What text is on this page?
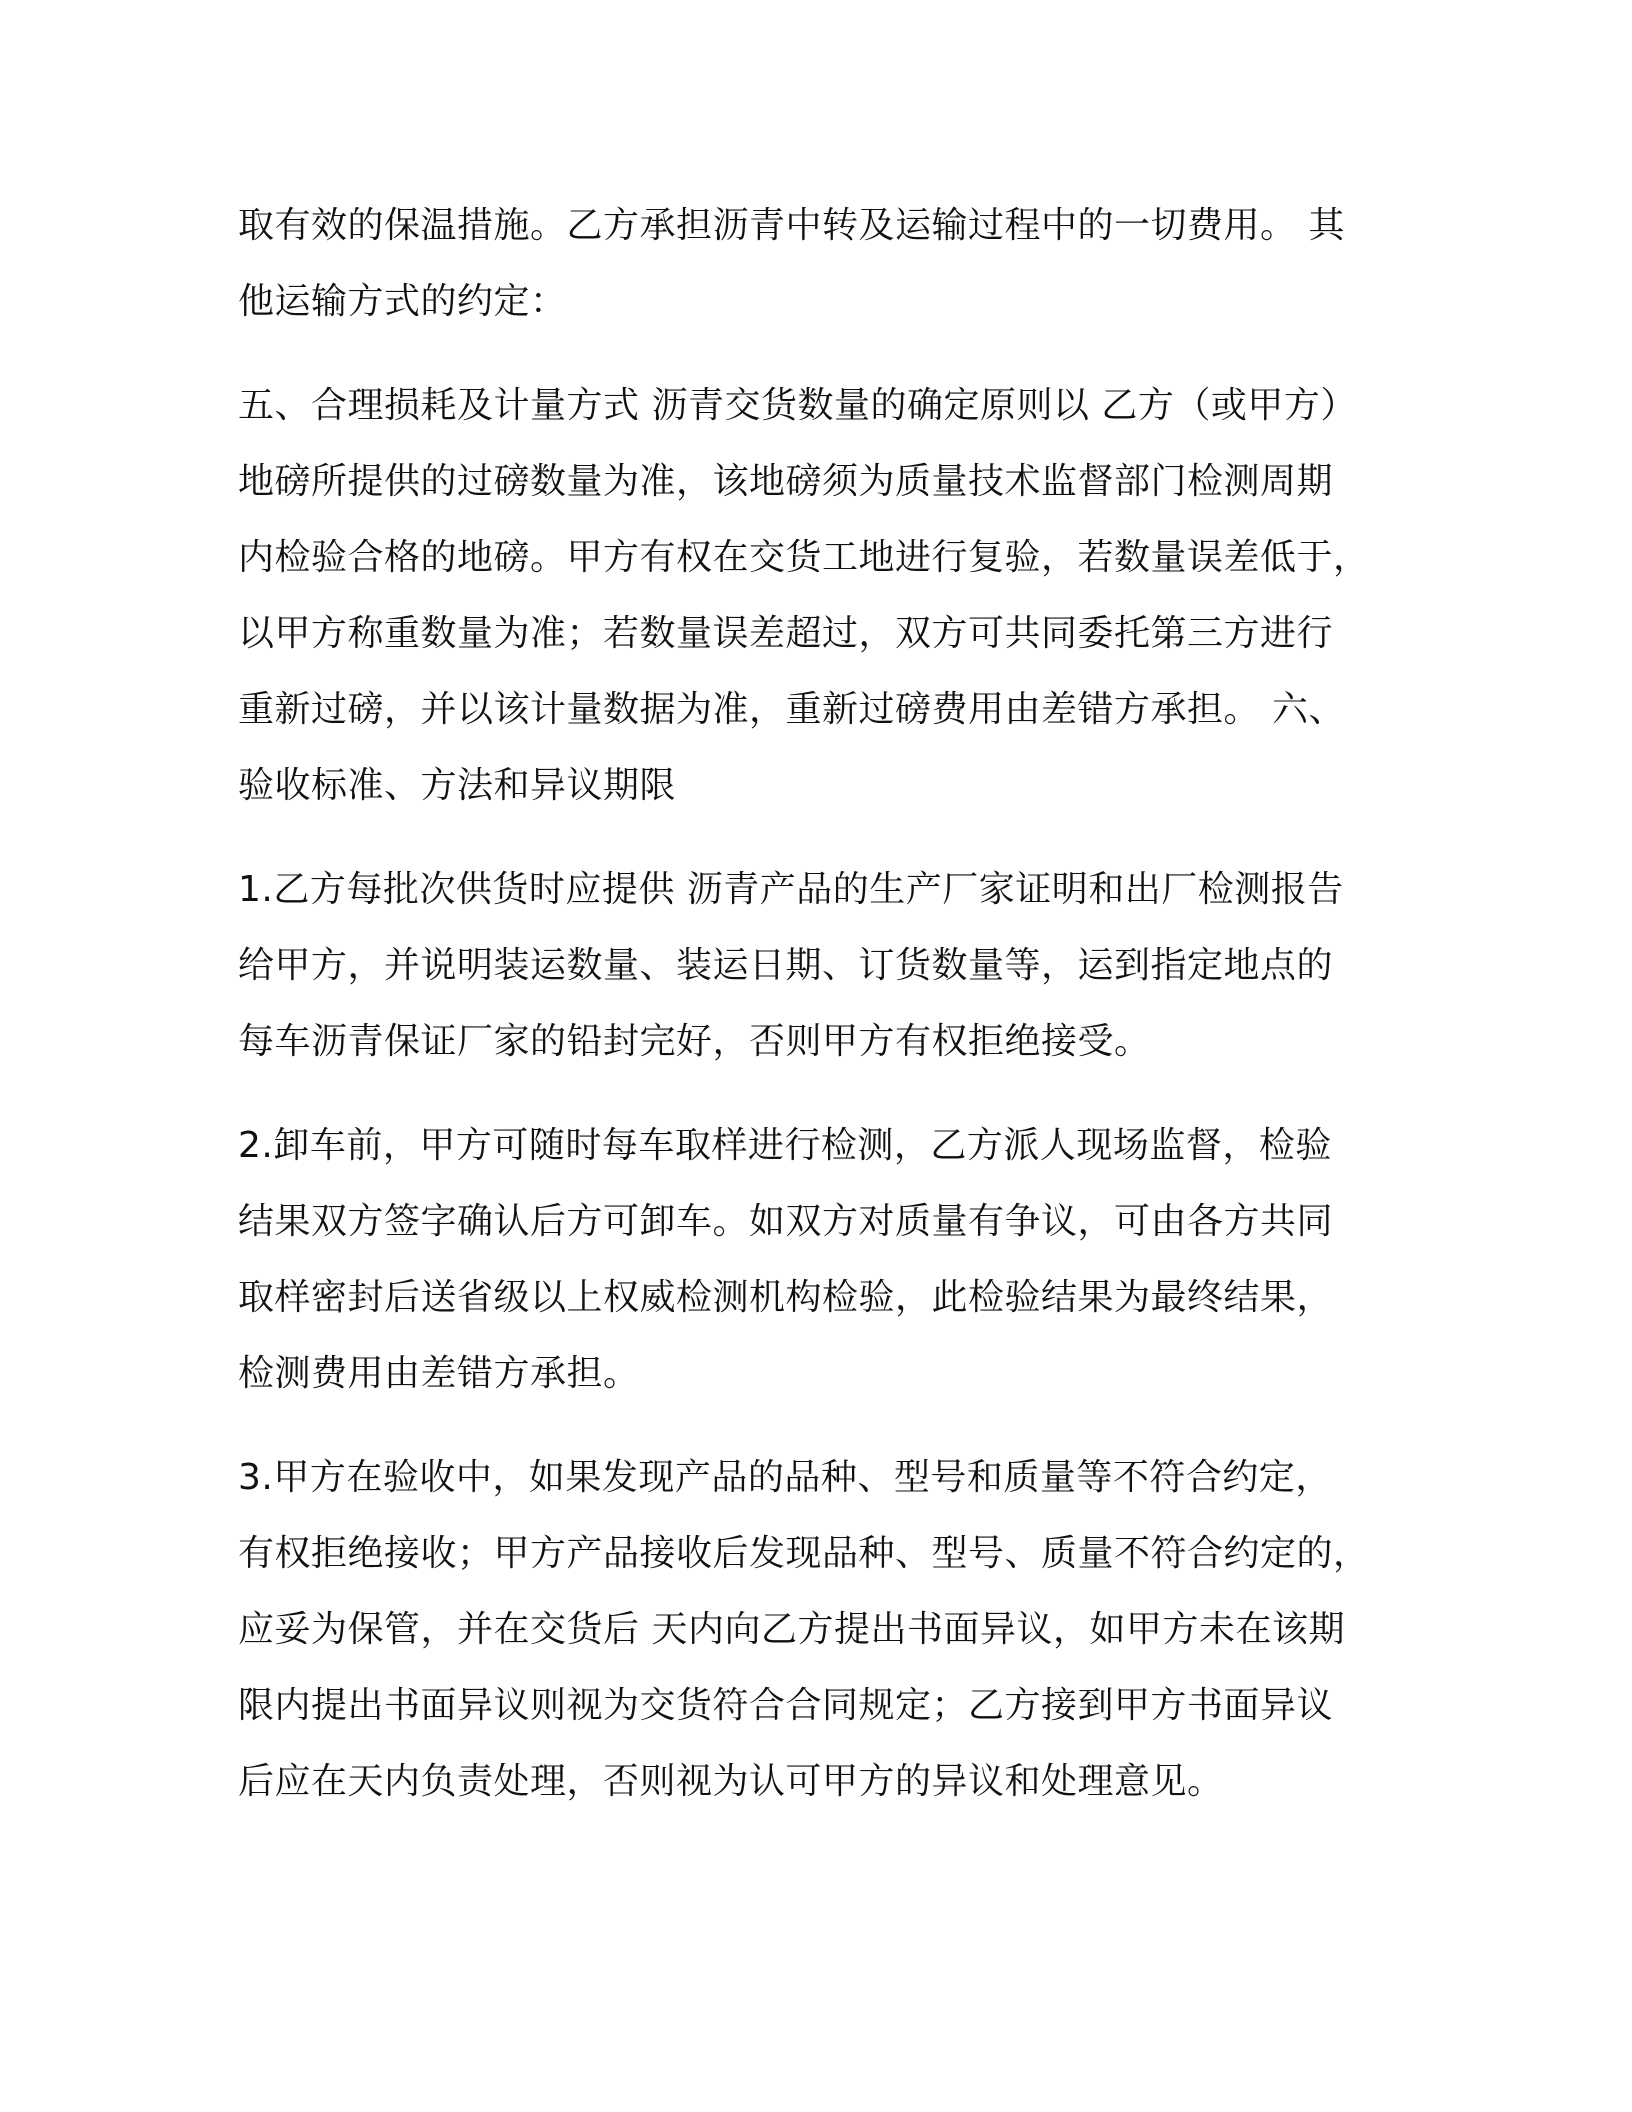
取有效的保温措施。乙方承担沥青中转及运输过程中的一切费用。 其
他运输方式的约定：
五、合理损耗及计量方式 沥青交货数量的确定原则以 乙方（或甲方）
地磅所提供的过磅数量为准，该地磅须为质量技术监督部门检测周期
内检验合格的地磅。甲方有权在交货工地进行复验，若数量误差低于，
以甲方称重数量为准；若数量误差超过，双方可共同委托第三方进行
重新过磅，并以该计量数据为准，重新过磅费用由差错方承担。 六、
验收标准、方法和异议期限
1.乙方每批次供货时应提供 沥青产品的生产厂家证明和出厂检测报告
给甲方，并说明装运数量、装运日期、订货数量等，运到指定地点的
每车沥青保证厂家的铅封完好，否则甲方有权拒绝接受。
2.卸车前，甲方可随时每车取样进行检测，乙方派人现场监督，检验
结果双方签字确认后方可卸车。如双方对质量有争议，可由各方共同
取样密封后送省级以上权威检测机构检验，此检验结果为最终结果，
检测费用由差错方承担。
3.甲方在验收中，如果发现产品的品种、型号和质量等不符合约定，
有权拒绝接收；甲方产品接收后发现品种、型号、质量不符合约定的，
应妥为保管，并在交货后 天内向乙方提出书面异议，如甲方未在该期
限内提出书面异议则视为交货符合合同规定；乙方接到甲方书面异议
后应在天内负责处理，否则视为认可甲方的异议和处理意见。
